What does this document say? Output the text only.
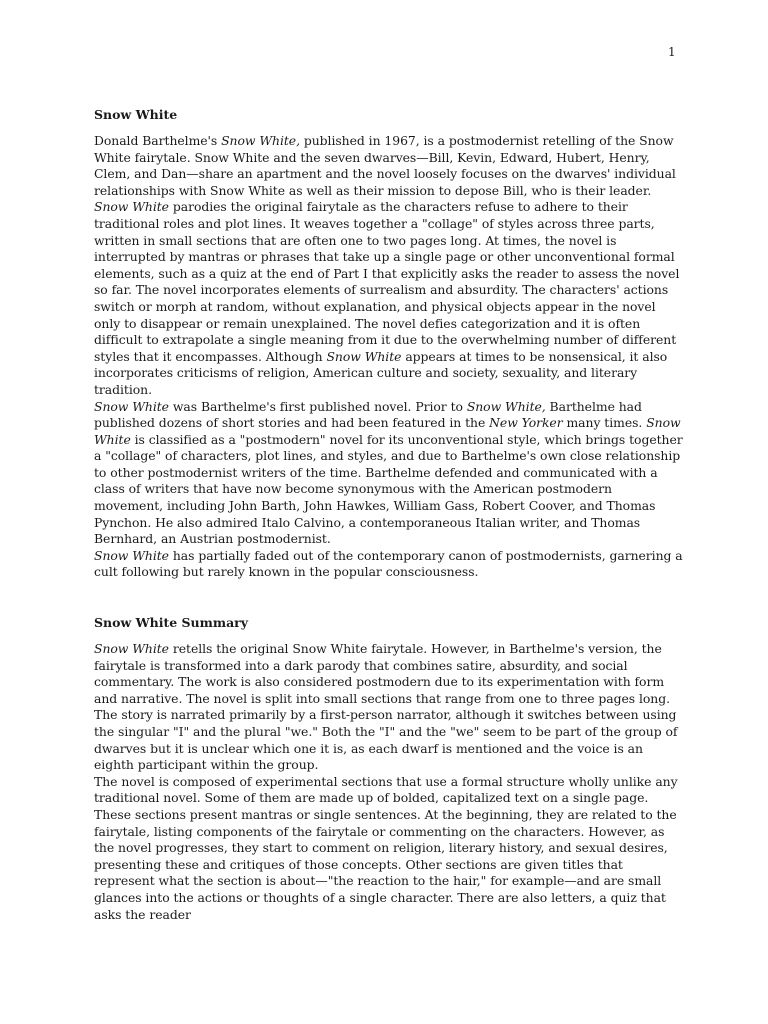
1
Snow White

Donald Barthelme's Snow White, published in 1967, is a postmodernist retelling of the Snow White fairytale. Snow White and the seven dwarves—Bill, Kevin, Edward, Hubert, Henry, Clem, and Dan—share an apartment and the novel loosely focuses on the dwarves' individual relationships with Snow White as well as their mission to depose Bill, who is their leader. Snow White parodies the original fairytale as the characters refuse to adhere to their traditional roles and plot lines. It weaves together a "collage" of styles across three parts, written in small sections that are often one to two pages long. At times, the novel is interrupted by mantras or phrases that take up a single page or other unconventional formal elements, such as a quiz at the end of Part I that explicitly asks the reader to assess the novel so far. The novel incorporates elements of surrealism and absurdity. The characters' actions switch or morph at random, without explanation, and physical objects appear in the novel only to disappear or remain unexplained. The novel defies categorization and it is often difficult to extrapolate a single meaning from it due to the overwhelming number of different styles that it encompasses. Although Snow White appears at times to be nonsensical, it also incorporates criticisms of religion, American culture and society, sexuality, and literary tradition.

Snow White was Barthelme's first published novel. Prior to Snow White, Barthelme had published dozens of short stories and had been featured in the New Yorker many times. Snow White is classified as a "postmodern" novel for its unconventional style, which brings together a "collage" of characters, plot lines, and styles, and due to Barthelme's own close relationship to other postmodernist writers of the time. Barthelme defended and communicated with a class of writers that have now become synonymous with the American postmodern movement, including John Barth, John Hawkes, William Gass, Robert Coover, and Thomas Pynchon. He also admired Italo Calvino, a contemporaneous Italian writer, and Thomas Bernhard, an Austrian postmodernist.

Snow White has partially faded out of the contemporary canon of postmodernists, garnering a cult following but rarely known in the popular consciousness.

Snow White Summary

Snow White retells the original Snow White fairytale. However, in Barthelme's version, the fairytale is transformed into a dark parody that combines satire, absurdity, and social commentary. The work is also considered postmodern due to its experimentation with form and narrative. The novel is split into small sections that range from one to three pages long. The story is narrated primarily by a first-person narrator, although it switches between using the singular "I" and the plural "we." Both the "I" and the "we" seem to be part of the group of dwarves but it is unclear which one it is, as each dwarf is mentioned and the voice is an eighth participant within the group.

The novel is composed of experimental sections that use a formal structure wholly unlike any traditional novel. Some of them are made up of bolded, capitalized text on a single page. These sections present mantras or single sentences. At the beginning, they are related to the fairytale, listing components of the fairytale or commenting on the characters. However, as the novel progresses, they start to comment on religion, literary history, and sexual desires, presenting these and critiques of those concepts. Other sections are given titles that represent what the section is about—"the reaction to the hair," for example—and are small glances into the actions or thoughts of a single character. There are also letters, a quiz that asks the reader
